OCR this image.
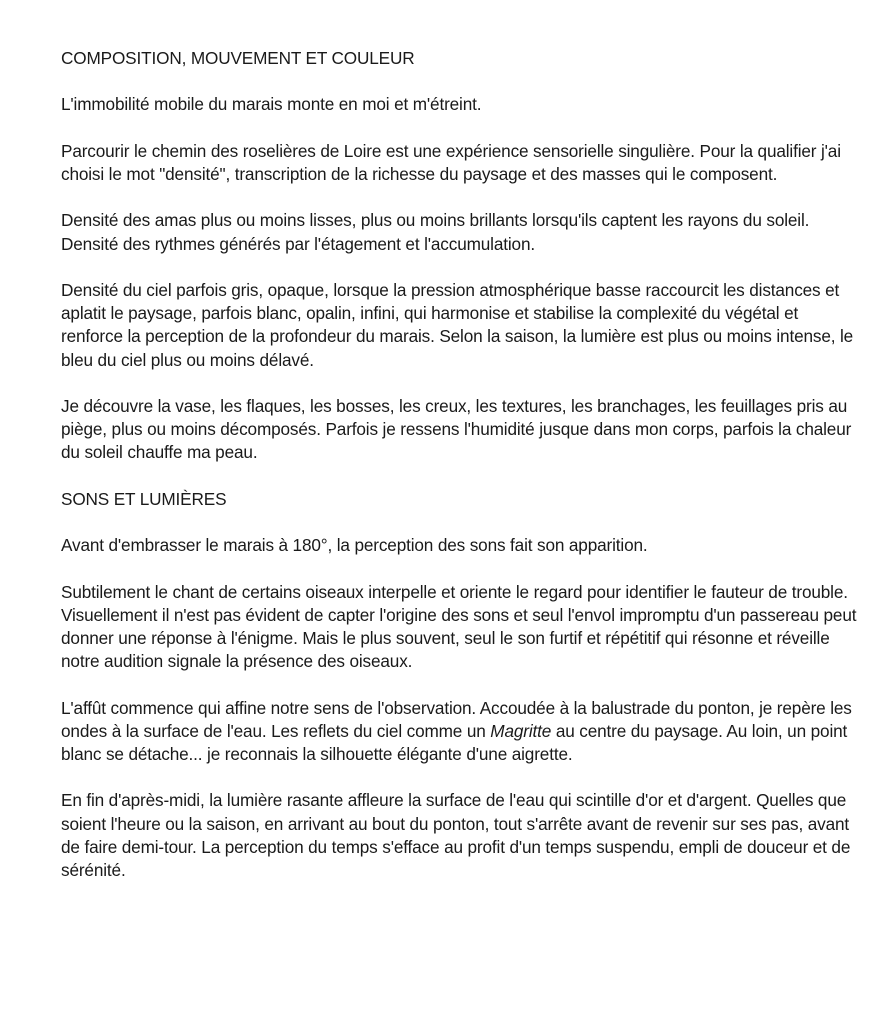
COMPOSITION, MOUVEMENT ET COULEUR

L'immobilité mobile du marais monte en moi et m'étreint.

Parcourir le chemin des roselières de Loire est une expérience sensorielle singulière. Pour la qualifier j'ai choisi le mot "densité", transcription de la richesse du paysage et des masses qui le composent.

Densité des amas plus ou moins lisses, plus ou moins brillants lorsqu'ils captent les rayons du soleil. Densité des rythmes générés par l'étagement et l'accumulation.

Densité du ciel parfois gris, opaque, lorsque la pression atmosphérique basse raccourcit les distances et aplatit le paysage, parfois blanc, opalin, infini, qui harmonise et stabilise la complexité du végétal et renforce la perception de la profondeur du marais. Selon la saison, la lumière est plus ou moins intense, le bleu du ciel plus ou moins délavé.

Je découvre la vase, les flaques, les bosses, les creux, les textures, les branchages, les feuillages pris au piège, plus ou moins décomposés. Parfois je ressens l'humidité jusque dans mon corps, parfois la chaleur du soleil chauffe ma peau.

SONS ET LUMIÈRES

Avant d'embrasser le marais à 180°, la perception des sons fait son apparition.

Subtilement le chant de certains oiseaux interpelle et oriente le regard pour identifier le fauteur de trouble. Visuellement il n'est pas évident de capter l'origine des sons et seul l'envol impromptu d'un passereau peut donner une réponse à l'énigme. Mais le plus souvent, seul le son furtif et répétitif qui résonne et réveille notre audition signale la présence des oiseaux.

L'affût commence qui affine notre sens de l'observation. Accoudée à la balustrade du ponton, je repère les ondes à la surface de l'eau. Les reflets du ciel comme un Magritte au centre du paysage. Au loin, un point blanc se détache... je reconnais la silhouette élégante d'une aigrette.

En fin d'après-midi, la lumière rasante affleure la surface de l'eau qui scintille d'or et d'argent. Quelles que soient l'heure ou la saison, en arrivant au bout du ponton, tout s'arrête avant de revenir sur ses pas, avant de faire demi-tour. La perception du temps s'efface au profit d'un temps suspendu, empli de douceur et de sérénité.
